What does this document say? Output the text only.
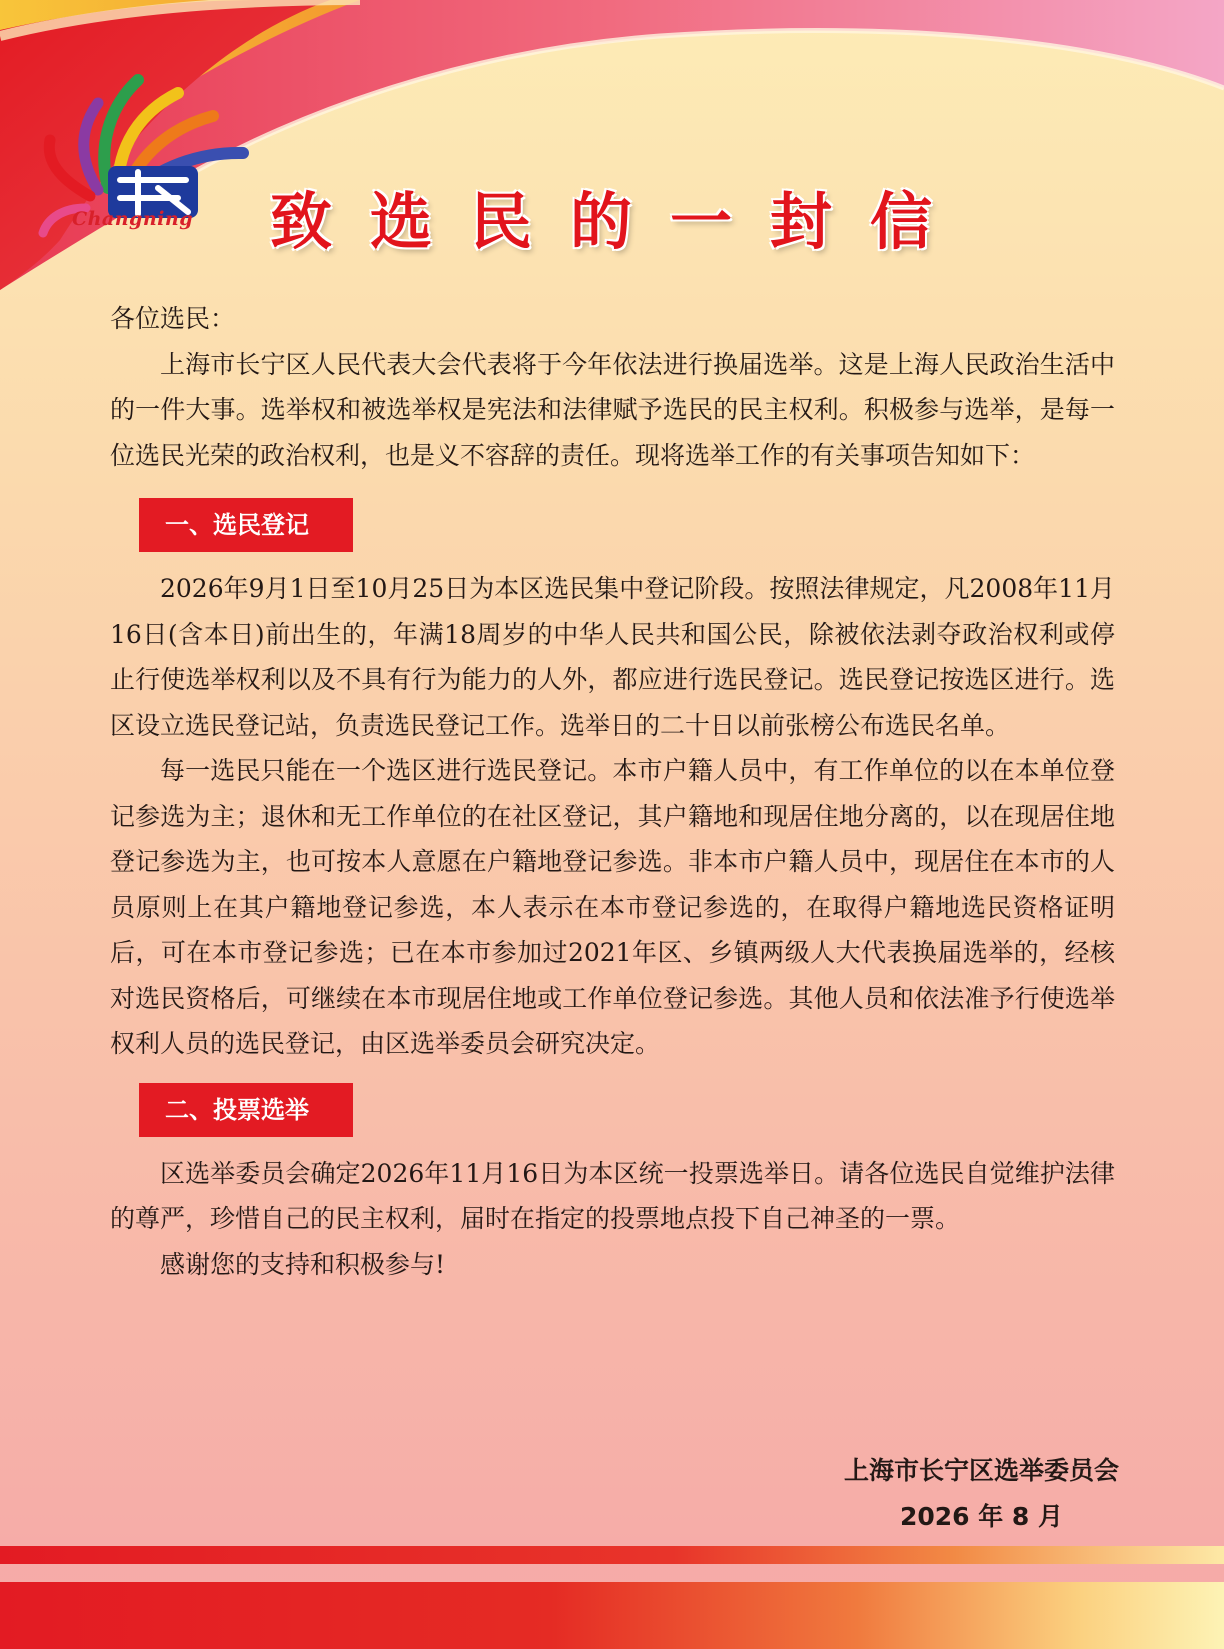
Changning 致选民的一封信

各位选民：

上海市长宁区人民代表大会代表将于今年依法进行换届选举。这是上海人民政治生活中的一件大事。选举权和被选举权是宪法和法律赋予选民的民主权利。积极参与选举，是每一位选民光荣的政治权利，也是义不容辞的责任。现将选举工作的有关事项告知如下：

一、选民登记

2026年9月1日至10月25日为本区选民集中登记阶段。按照法律规定，凡2008年11月16日(含本日)前出生的，年满18周岁的中华人民共和国公民，除被依法剥夺政治权利或停止行使选举权利以及不具有行为能力的人外，都应进行选民登记。选民登记按选区进行。选区设立选民登记站，负责选民登记工作。选举日的二十日以前张榜公布选民名单。

每一选民只能在一个选区进行选民登记。本市户籍人员中，有工作单位的以在本单位登记参选为主；退休和无工作单位的在社区登记，其户籍地和现居住地分离的，以在现居住地登记参选为主，也可按本人意愿在户籍地登记参选。非本市户籍人员中，现居住在本市的人员原则上在其户籍地登记参选，本人表示在本市登记参选的，在取得户籍地选民资格证明后，可在本市登记参选；已在本市参加过2021年区、乡镇两级人大代表换届选举的，经核对选民资格后，可继续在本市现居住地或工作单位登记参选。其他人员和依法准予行使选举权利人员的选民登记，由区选举委员会研究决定。

二、投票选举

区选举委员会确定2026年11月16日为本区统一投票选举日。请各位选民自觉维护法律的尊严，珍惜自己的民主权利，届时在指定的投票地点投下自己神圣的一票。

感谢您的支持和积极参与!

上海市长宁区选举委员会
2026 年 8 月
